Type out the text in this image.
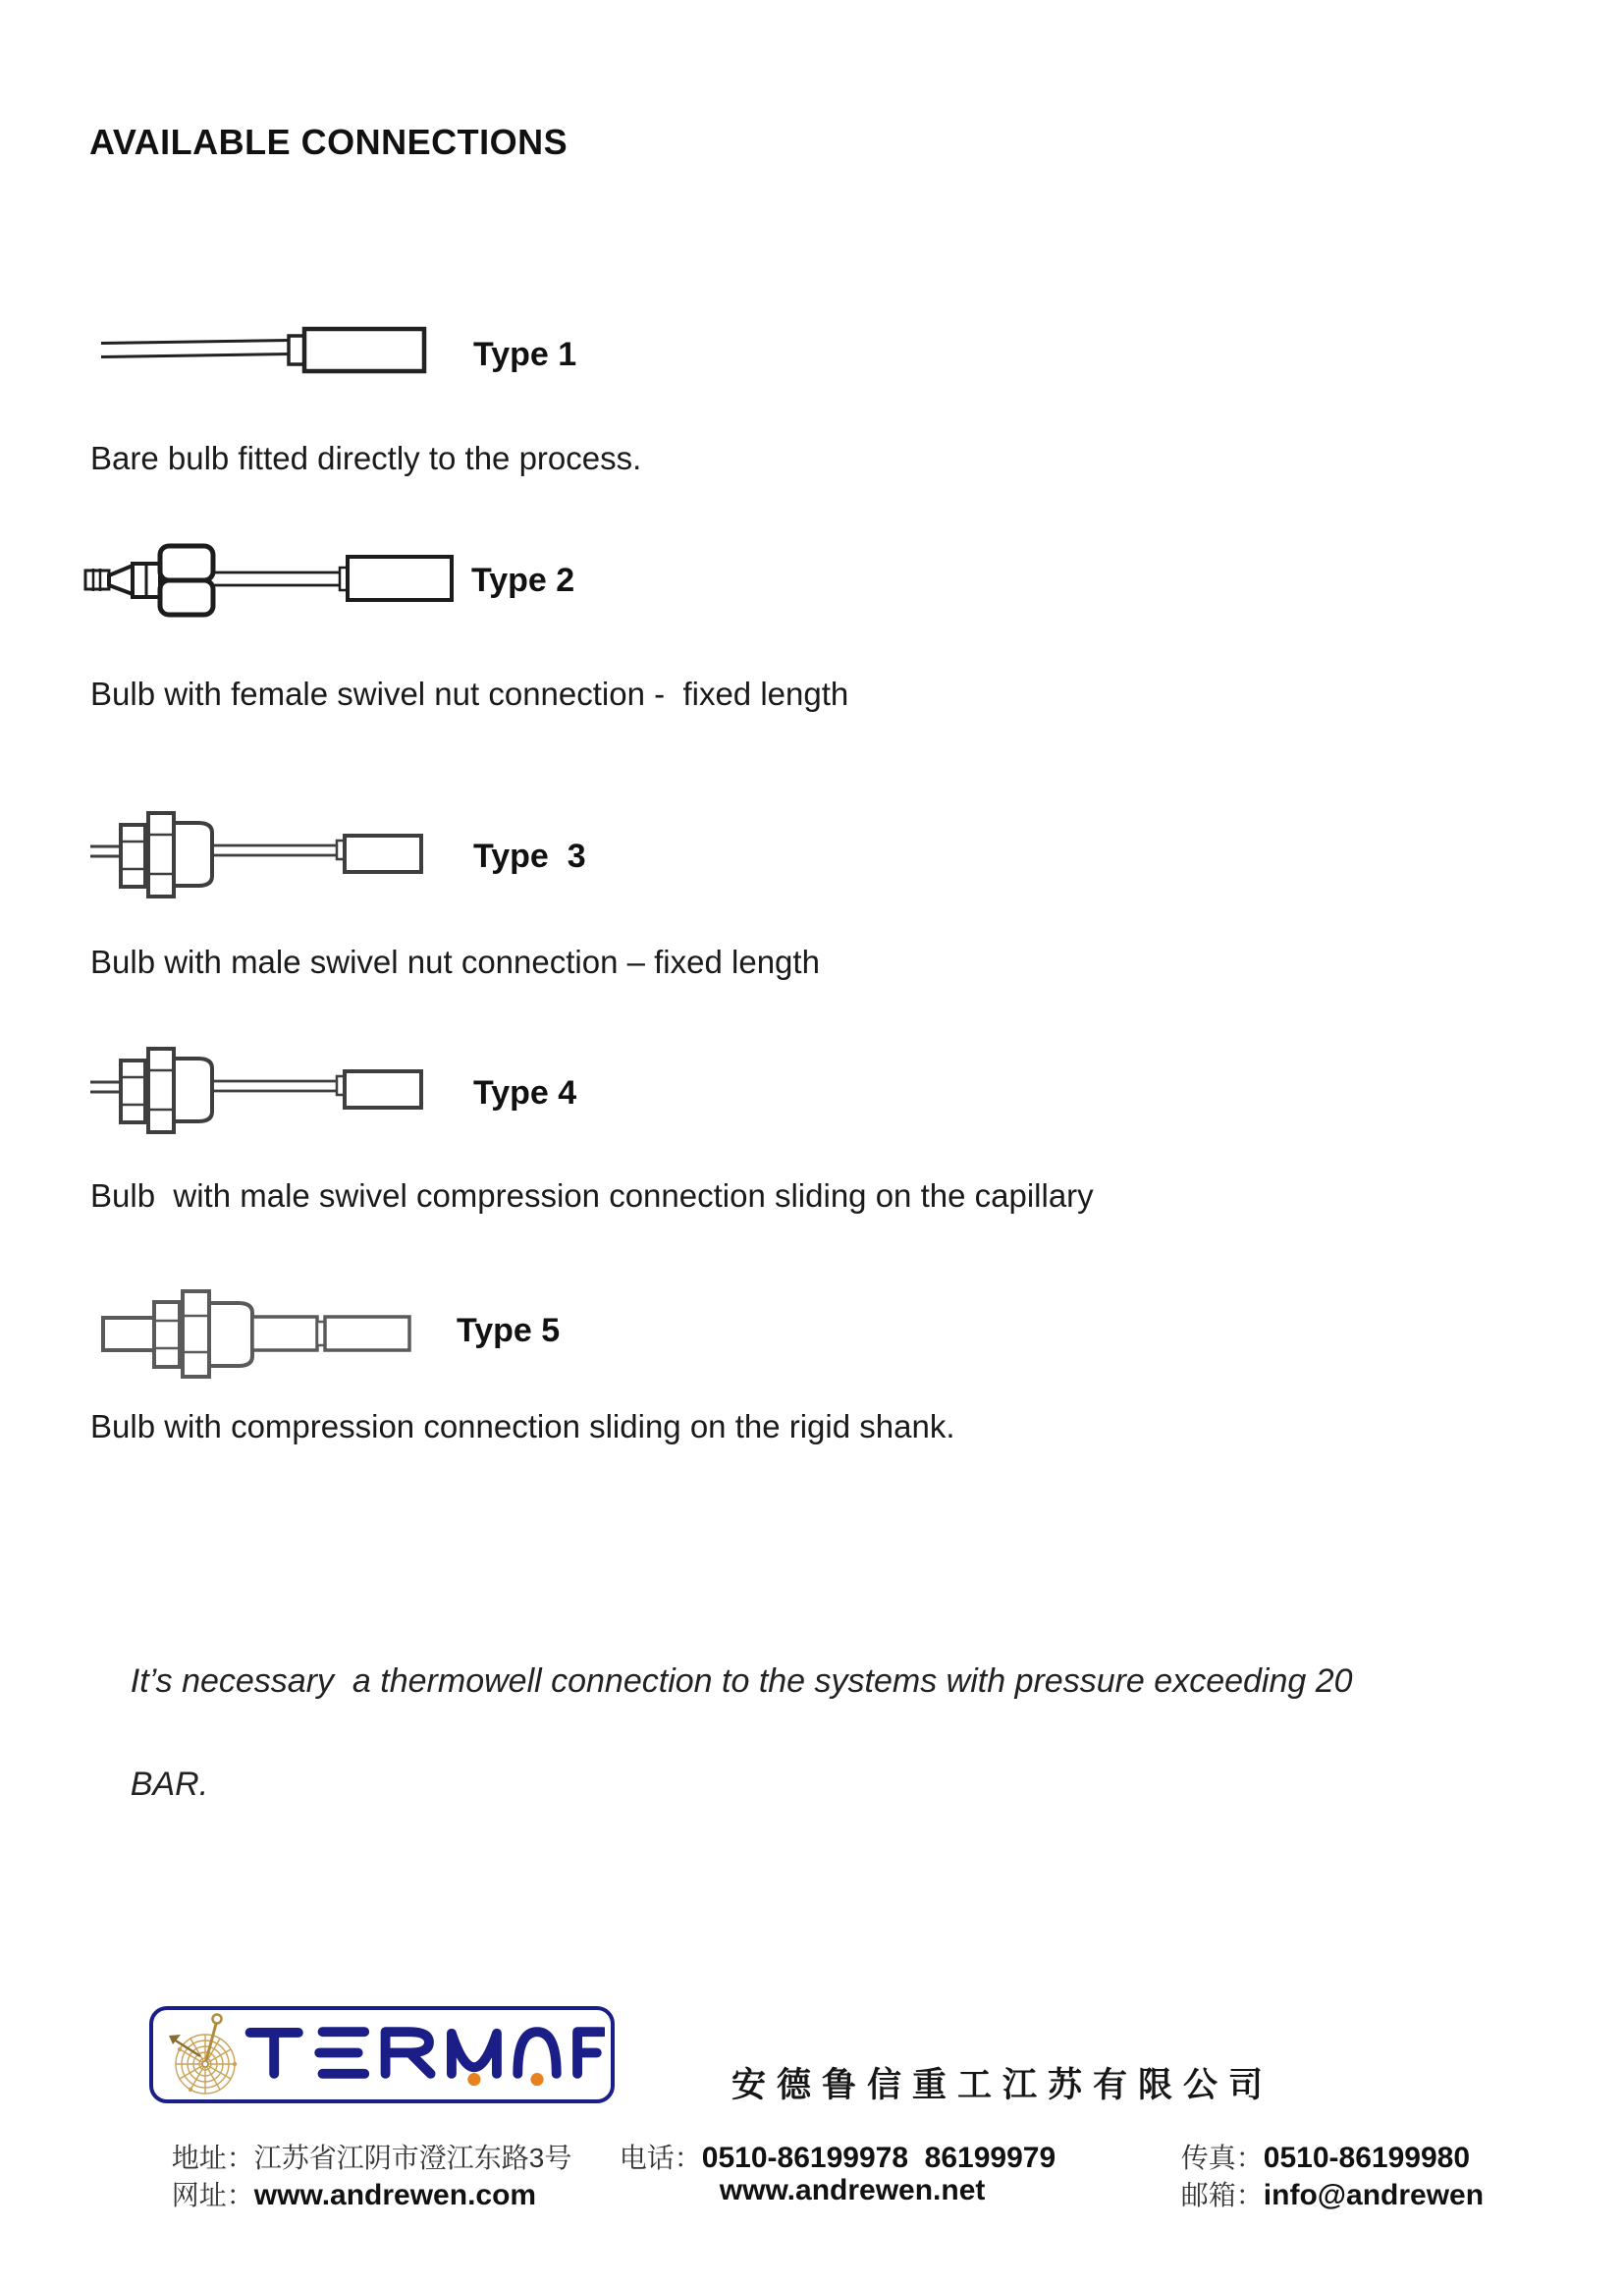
AVAILABLE CONNECTIONS
Type 1
Bare bulb fitted directly to the process.
Type 2
Bulb with female swivel nut connection -  fixed length
Type  3
Bulb with male swivel nut connection – fixed length
Type 4
Bulb  with male swivel compression connection sliding on the capillary
Type 5
Bulb with compression connection sliding on the rigid shank.

It’s necessary  a thermowell connection to the systems with pressure exceeding 20

BAR.

安德鲁信重工江苏有限公司

地址：江苏省江阴市澄江东路3号
	电话：0510-86199978  86199979
	传真：0510-86199980

网址：www.andrewen.com
	www.andrewen.net
	邮箱：info@andrewen
